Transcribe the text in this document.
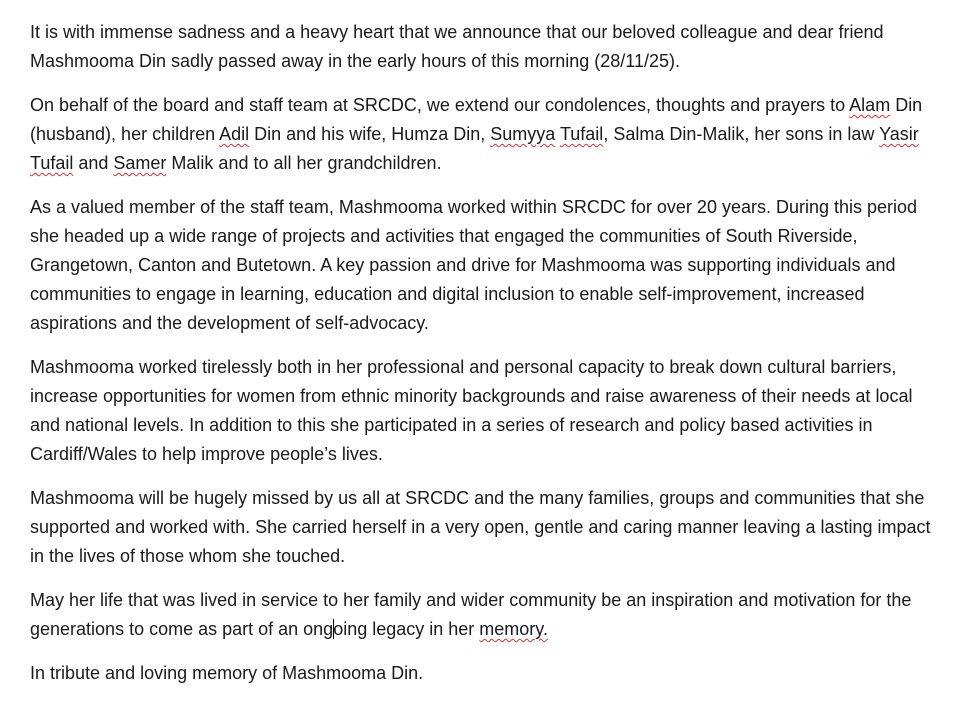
It is with immense sadness and a heavy heart that we announce that our beloved colleague and dear friend Mashmooma Din sadly passed away in the early hours of this morning (28/11/25).

On behalf of the board and staff team at SRCDC, we extend our condolences, thoughts and prayers to Alam Din (husband), her children Adil Din and his wife, Humza Din, Sumyya Tufail, Salma Din-Malik, her sons in law Yasir Tufail and Samer Malik and to all her grandchildren.

As a valued member of the staff team, Mashmooma worked within SRCDC for over 20 years. During this period she headed up a wide range of projects and activities that engaged the communities of South Riverside, Grangetown, Canton and Butetown. A key passion and drive for Mashmooma was supporting individuals and communities to engage in learning, education and digital inclusion to enable self-improvement, increased aspirations and the development of self-advocacy.

Mashmooma worked tirelessly both in her professional and personal capacity to break down cultural barriers, increase opportunities for women from ethnic minority backgrounds and raise awareness of their needs at local and national levels. In addition to this she participated in a series of research and policy based activities in Cardiff/Wales to help improve people’s lives.

Mashmooma will be hugely missed by us all at SRCDC and the many families, groups and communities that she supported and worked with. She carried herself in a very open, gentle and caring manner leaving a lasting impact in the lives of those whom she touched.

May her life that was lived in service to her family and wider community be an inspiration and motivation for the generations to come as part of an ongoing legacy in her memory.

In tribute and loving memory of Mashmooma Din.
